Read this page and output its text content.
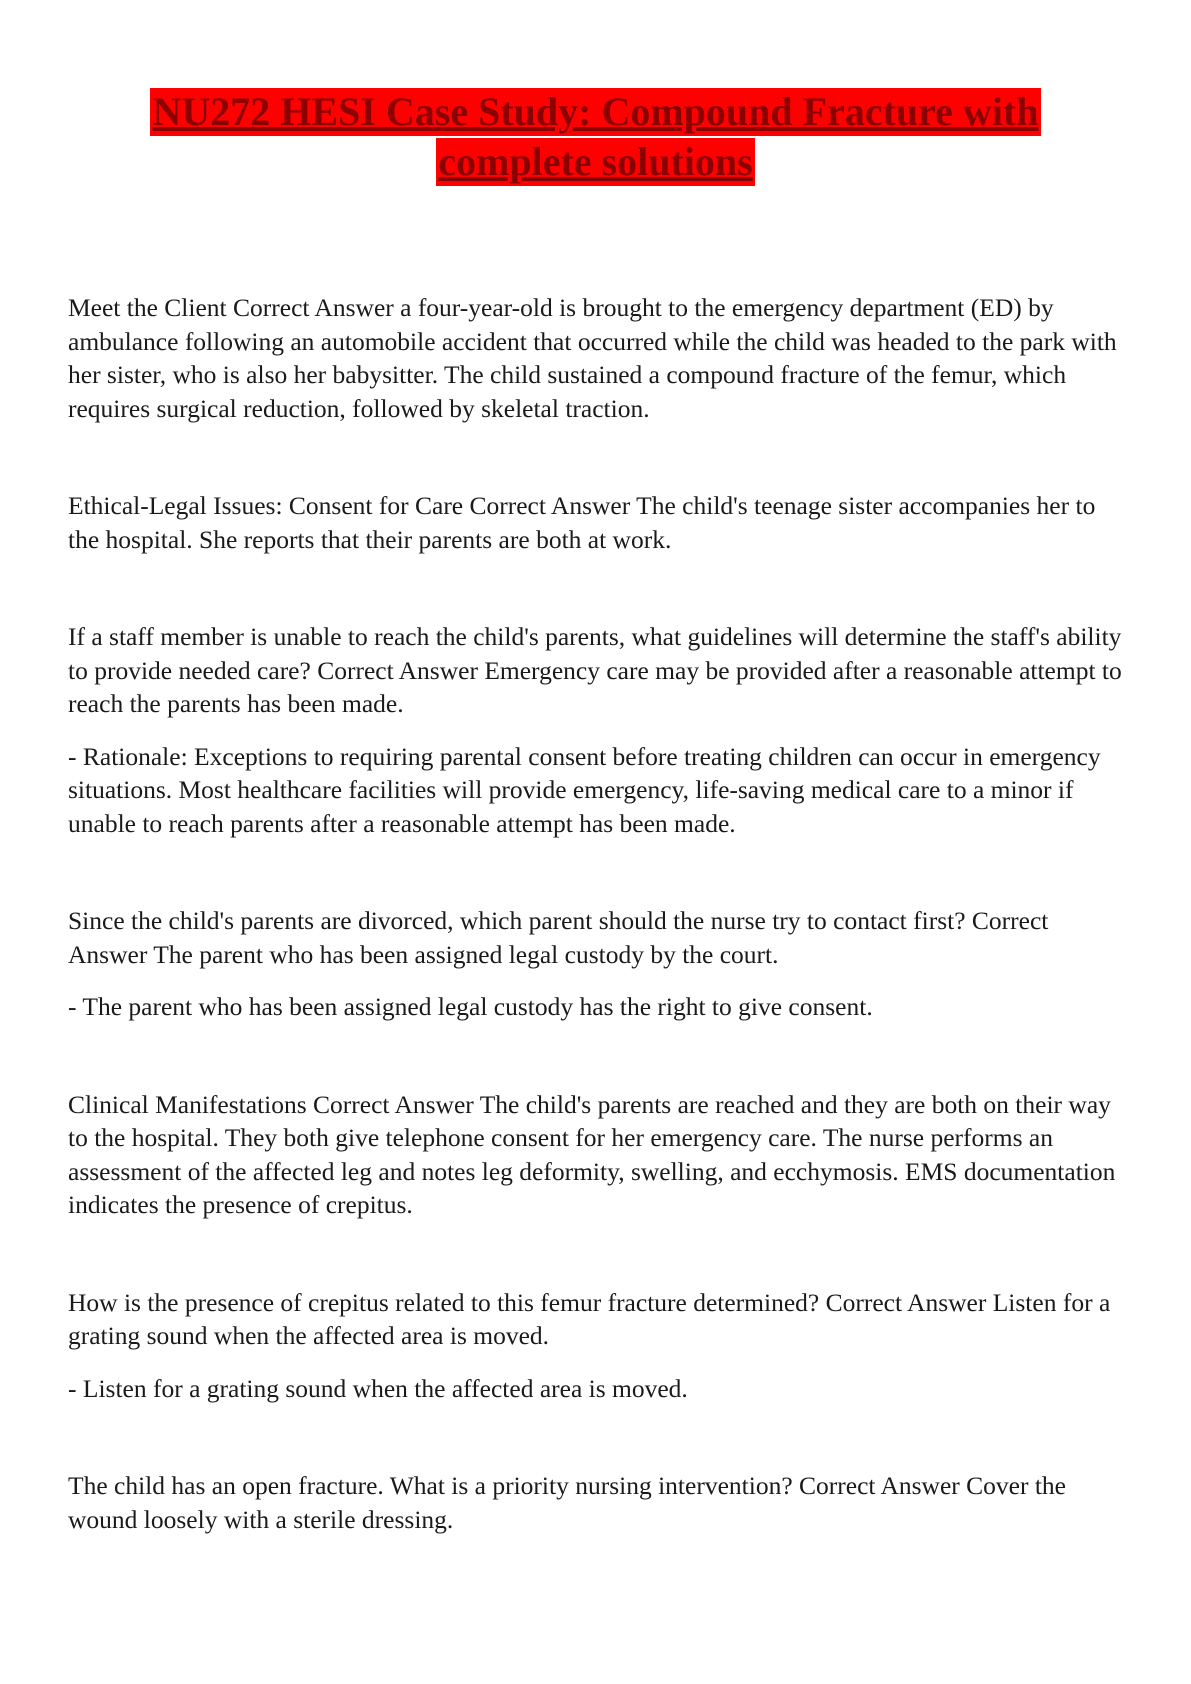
NU272 HESI Case Study: Compound Fracture with
complete solutions

Meet the Client Correct Answer a four-year-old is brought to the emergency department (ED) by ambulance following an automobile accident that occurred while the child was headed to the park with her sister, who is also her babysitter. The child sustained a compound fracture of the femur, which requires surgical reduction, followed by skeletal traction.

Ethical-Legal Issues: Consent for Care Correct Answer The child's teenage sister accompanies her to the hospital. She reports that their parents are both at work.

If a staff member is unable to reach the child's parents, what guidelines will determine the staff's ability to provide needed care? Correct Answer Emergency care may be provided after a reasonable attempt to reach the parents has been made.

- Rationale: Exceptions to requiring parental consent before treating children can occur in emergency situations. Most healthcare facilities will provide emergency, life-saving medical care to a minor if unable to reach parents after a reasonable attempt has been made.

Since the child's parents are divorced, which parent should the nurse try to contact first? Correct Answer The parent who has been assigned legal custody by the court.

- The parent who has been assigned legal custody has the right to give consent.

Clinical Manifestations Correct Answer The child's parents are reached and they are both on their way to the hospital. They both give telephone consent for her emergency care. The nurse performs an assessment of the affected leg and notes leg deformity, swelling, and ecchymosis. EMS documentation indicates the presence of crepitus.

How is the presence of crepitus related to this femur fracture determined? Correct Answer Listen for a grating sound when the affected area is moved.

- Listen for a grating sound when the affected area is moved.

The child has an open fracture. What is a priority nursing intervention? Correct Answer Cover the wound loosely with a sterile dressing.
